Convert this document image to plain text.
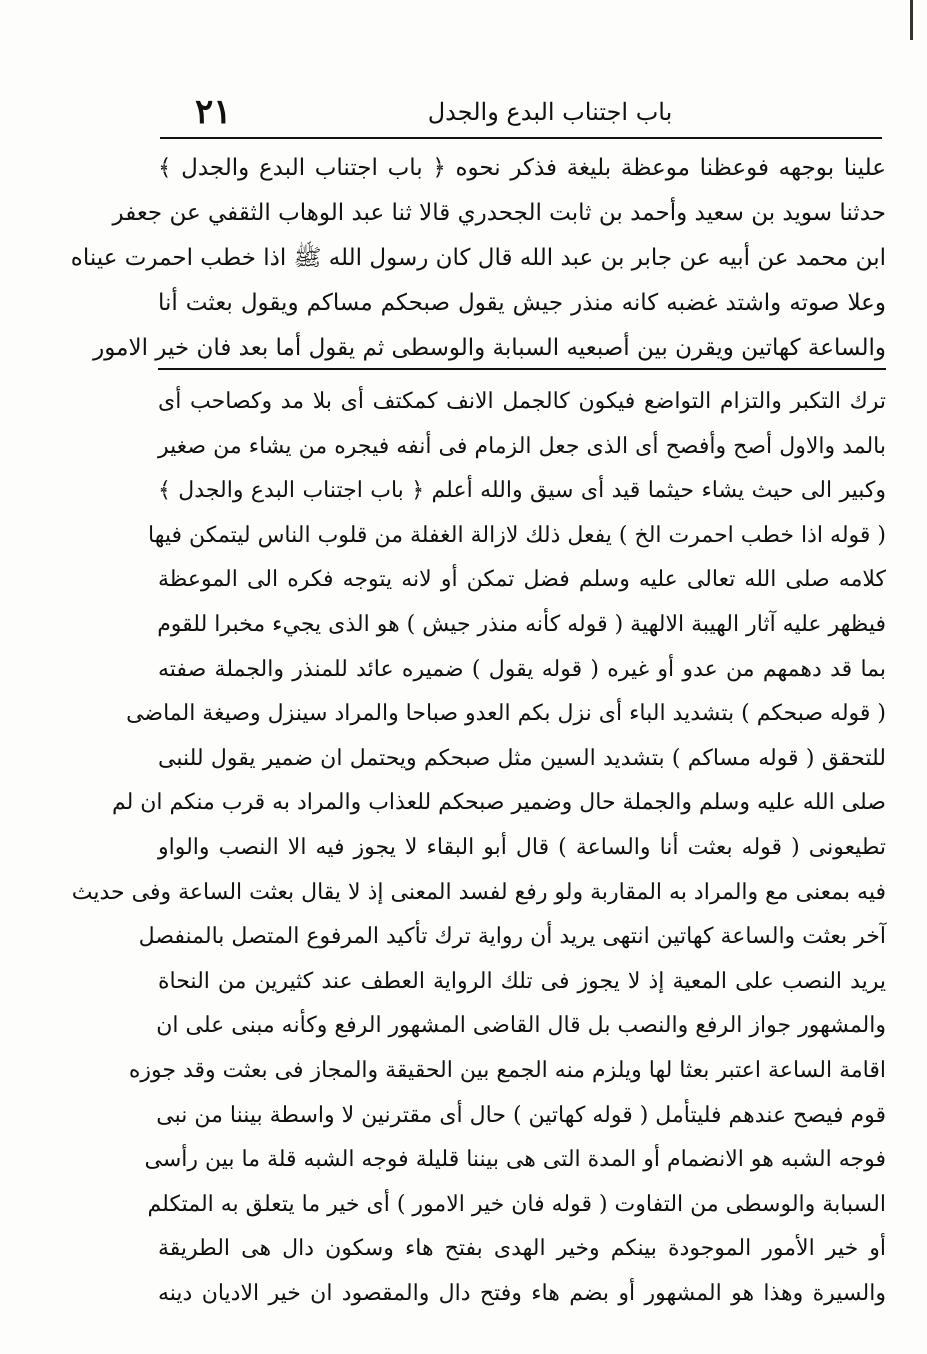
٢١	باب اجتناب البدع والجدل
علينا بوجهه فوعظنا موعظة بليغة فذكر نحوه ﴿ باب اجتناب البدع والجدل ﴾
حدثنا سويد بن سعيد وأحمد بن ثابت الجحدري قالا ثنا عبد الوهاب الثقفي عن جعفر
ابن محمد عن أبيه عن جابر بن عبد الله قال كان رسول الله ﷺ اذا خطب احمرت عيناه
وعلا صوته واشتد غضبه كانه منذر جيش يقول صبحكم مساكم ويقول بعثت أنا
والساعة كهاتين ويقرن بين أصبعيه السبابة والوسطى ثم يقول أما بعد فان خير الامور
ترك التكبر والتزام التواضع فيكون كالجمل الانف كمكتف أى بلا مد وكصاحب أى
بالمد والاول أصح وأفصح أى الذى جعل الزمام فى أنفه فيجره من يشاء من صغير
وكبير الى حيث يشاء حيثما قيد أى سيق والله أعلم ﴿ باب اجتناب البدع والجدل ﴾
( قوله اذا خطب احمرت الخ ) يفعل ذلك لازالة الغفلة من قلوب الناس ليتمكن فيها
كلامه صلى الله تعالى عليه وسلم فضل تمكن أو لانه يتوجه فكره الى الموعظة
فيظهر عليه آثار الهيبة الالهية ( قوله كأنه منذر جيش ) هو الذى يجيء مخبرا للقوم
بما قد دهمهم من عدو أو غيره ( قوله يقول ) ضميره عائد للمنذر والجملة صفته
( قوله صبحكم ) بتشديد الباء أى نزل بكم العدو صباحا والمراد سينزل وصيغة الماضى
للتحقق ( قوله مساكم ) بتشديد السين مثل صبحكم ويحتمل ان ضمير يقول للنبى
صلى الله عليه وسلم والجملة حال وضمير صبحكم للعذاب والمراد به قرب منكم ان لم
تطيعونى ( قوله بعثت أنا والساعة ) قال أبو البقاء لا يجوز فيه الا النصب والواو
فيه بمعنى مع والمراد به المقاربة ولو رفع لفسد المعنى إذ لا يقال بعثت الساعة وفى حديث
آخر بعثت والساعة كهاتين انتهى يريد أن رواية ترك تأكيد المرفوع المتصل بالمنفصل
يريد النصب على المعية إذ لا يجوز فى تلك الرواية العطف عند كثيرين من النحاة
والمشهور جواز الرفع والنصب بل قال القاضى المشهور الرفع وكأنه مبنى على ان
اقامة الساعة اعتبر بعثا لها ويلزم منه الجمع بين الحقيقة والمجاز فى بعثت وقد جوزه
قوم فيصح عندهم فليتأمل ( قوله كهاتين ) حال أى مقترنين لا واسطة بيننا من نبى
فوجه الشبه هو الانضمام أو المدة التى هى بيننا قليلة فوجه الشبه قلة ما بين رأسى
السبابة والوسطى من التفاوت ( قوله فان خير الامور ) أى خير ما يتعلق به المتكلم
أو خير الأمور الموجودة بينكم وخير الهدى بفتح هاء وسكون دال هى الطريقة
والسيرة وهذا هو المشهور أو بضم هاء وفتح دال والمقصود ان خير الاديان دينه
